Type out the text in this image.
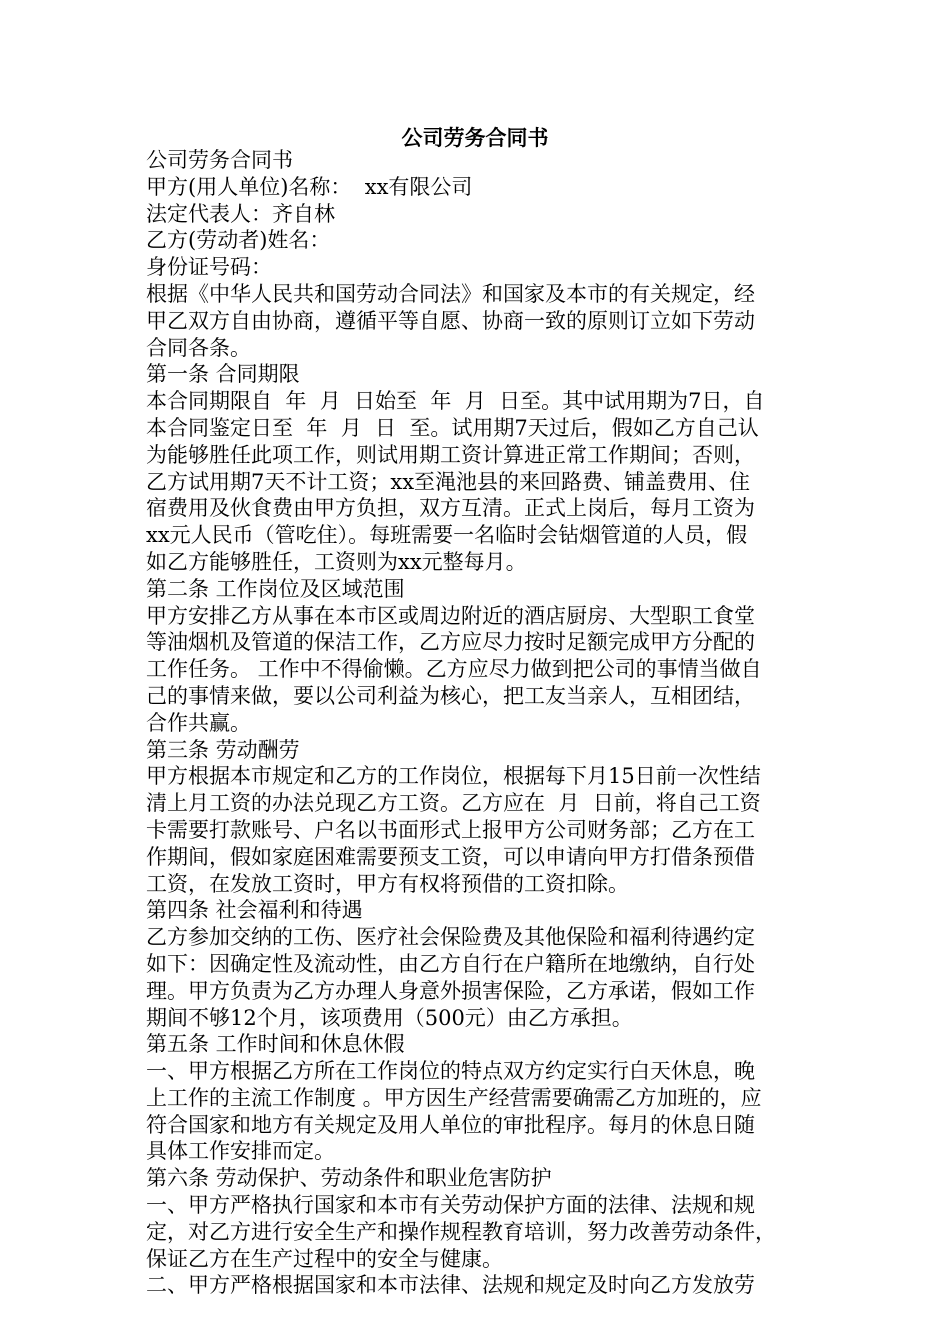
公司劳务合同书
公司劳务合同书
甲方(用人单位)名称：  xx有限公司
法定代表人：齐自林
乙方(劳动者)姓名：
身份证号码：
根据《中华人民共和国劳动合同法》和国家及本市的有关规定，经
甲乙双方自由协商，遵循平等自愿、协商一致的原则订立如下劳动
合同各条。
第一条 合同期限
本合同期限自  年  月  日始至  年  月  日至。其中试用期为7日，自
本合同鉴定日至  年  月  日  至。试用期7天过后，假如乙方自己认
为能够胜任此项工作，则试用期工资计算进正常工作期间；否则，
乙方试用期7天不计工资；xx至渑池县的来回路费、铺盖费用、住
宿费用及伙食费由甲方负担，双方互清。正式上岗后，每月工资为
xx元人民币（管吃住）。每班需要一名临时会钻烟管道的人员，假
如乙方能够胜任，工资则为xx元整每月。
第二条 工作岗位及区域范围
甲方安排乙方从事在本市区或周边附近的酒店厨房、大型职工食堂
等油烟机及管道的保洁工作，乙方应尽力按时足额完成甲方分配的
工作任务。 工作中不得偷懒。乙方应尽力做到把公司的事情当做自
己的事情来做，要以公司利益为核心，把工友当亲人，互相团结，
合作共赢。
第三条 劳动酬劳
甲方根据本市规定和乙方的工作岗位，根据每下月15日前一次性结
清上月工资的办法兑现乙方工资。乙方应在  月  日前，将自己工资
卡需要打款账号、户名以书面形式上报甲方公司财务部；乙方在工
作期间，假如家庭困难需要预支工资，可以申请向甲方打借条预借
工资，在发放工资时，甲方有权将预借的工资扣除。
第四条 社会福利和待遇
乙方参加交纳的工伤、医疗社会保险费及其他保险和福利待遇约定
如下：因确定性及流动性，由乙方自行在户籍所在地缴纳，自行处
理。甲方负责为乙方办理人身意外损害保险，乙方承诺，假如工作
期间不够12个月，该项费用（500元）由乙方承担。
第五条 工作时间和休息休假
一、甲方根据乙方所在工作岗位的特点双方约定实行白天休息，晚
上工作的主流工作制度 。甲方因生产经营需要确需乙方加班的，应
符合国家和地方有关规定及用人单位的审批程序。每月的休息日随
具体工作安排而定。
第六条 劳动保护、劳动条件和职业危害防护
一、甲方严格执行国家和本市有关劳动保护方面的法律、法规和规
定，对乙方进行安全生产和操作规程教育培训，努力改善劳动条件，
保证乙方在生产过程中的安全与健康。
二、甲方严格根据国家和本市法律、法规和规定及时向乙方发放劳
